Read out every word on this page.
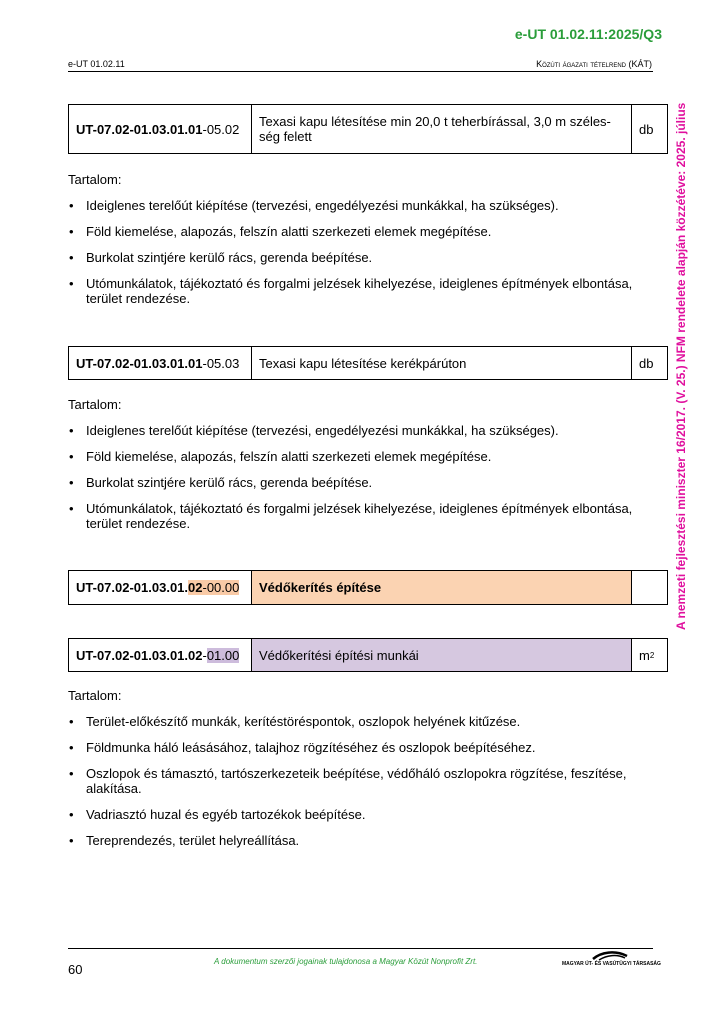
e-UT 01.02.11:2025/Q3
e-UT 01.02.11	Közúti ágazati tételrend (KÁT)
A nemzeti fejlesztési miniszter 16/2017. (V. 25.) NFM rendelete alapján közzétéve: 2025. július
UT-07.02-01.03.01.01 -05.02	Texasi kapu létesítése min 20,0 t teherbírással, 3,0 m széles-ség felett	db
Tartalom:
• Ideiglenes terelőút kiépítése (tervezési, engedélyezési munkákkal, ha szükséges).
• Föld kiemelése, alapozás, felszín alatti szerkezeti elemek megépítése.
• Burkolat szintjére kerülő rács, gerenda beépítése.
• Utómunkálatok, tájékoztató és forgalmi jelzések kihelyezése, ideiglenes építmények elbontása, terület rendezése.
UT-07.02-01.03.01.01 -05.03	Texasi kapu létesítése kerékpárúton	db
Tartalom:
• Ideiglenes terelőút kiépítése (tervezési, engedélyezési munkákkal, ha szükséges).
• Föld kiemelése, alapozás, felszín alatti szerkezeti elemek megépítése.
• Burkolat szintjére kerülő rács, gerenda beépítése.
• Utómunkálatok, tájékoztató és forgalmi jelzések kihelyezése, ideiglenes építmények elbontása, terület rendezése.
UT-07.02-01.03.01. 02 -00.00	Védőkerítés építése
UT-07.02-01.03.01.02 - 01.00	Védőkerítési építési munkái	m 2
Tartalom:
• Terület-előkészítő munkák, kerítéstöréspontok, oszlopok helyének kitűzése.
• Földmunka háló leásásához, talajhoz rögzítéséhez és oszlopok beépítéséhez.
• Oszlopok és támasztó, tartószerkezeteik beépítése, védőháló oszlopokra rögzítése, feszítése, alakítása.
• Vadriasztó huzal és egyéb tartozékok beépítése.
• Tereprendezés, terület helyreállítása.
60
A dokumentum szerzői jogainak tulajdonosa a Magyar Közút Nonprofit Zrt.	MAGYAR ÚT- ÉS VASÚTÜGYI TÁRSASÁG
